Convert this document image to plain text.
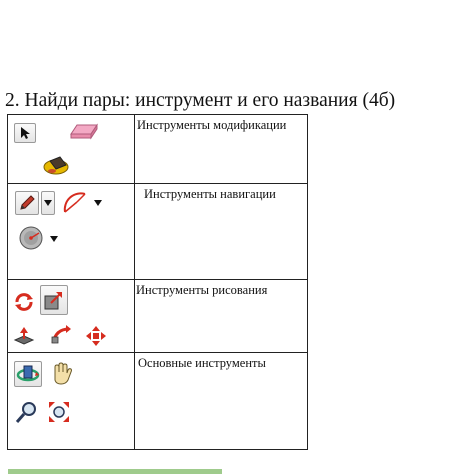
2. Найди пары: инструмент и его названия (4б)
Инструменты модификации
Инструменты навигации
Инструменты рисования
Основные инструменты
